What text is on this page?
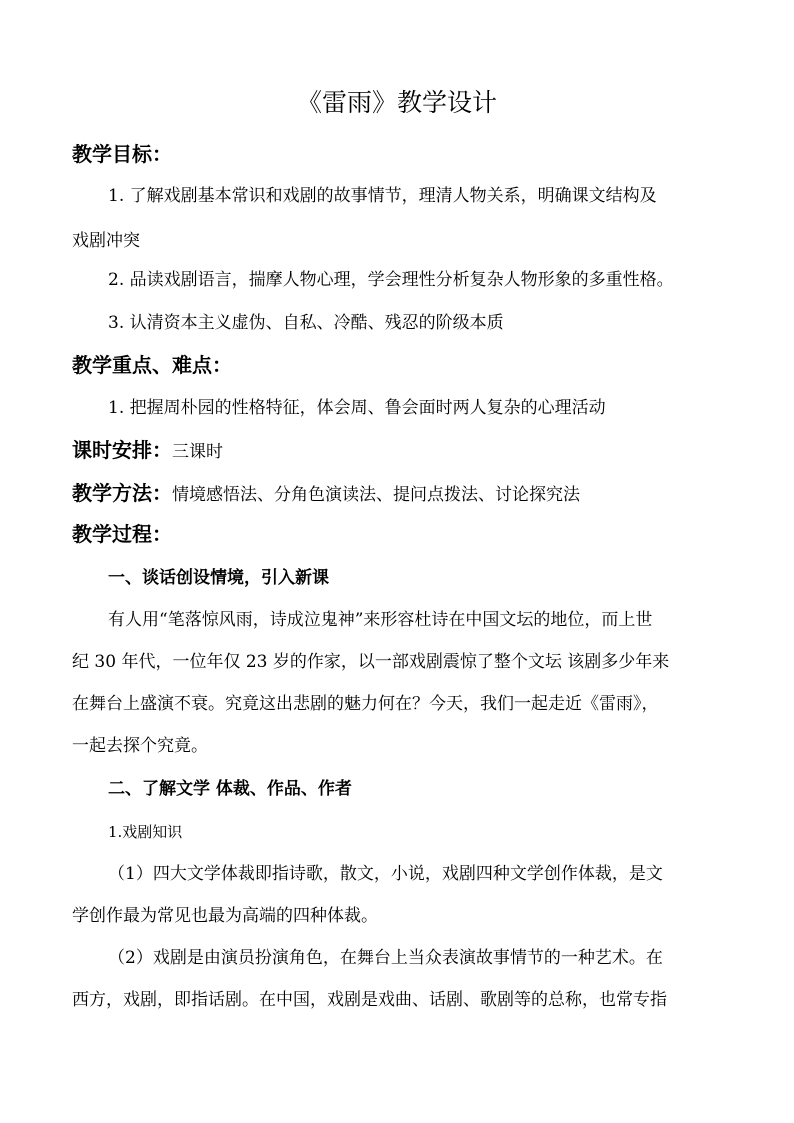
《雷雨》教学设计
教学目标：
1. 了解戏剧基本常识和戏剧的故事情节，理清人物关系，明确课文结构及
戏剧冲突
2. 品读戏剧语言，揣摩人物心理，学会理性分析复杂人物形象的多重性格。
3. 认清资本主义虚伪、自私、冷酷、残忍的阶级本质
教学重点、难点：
1. 把握周朴园的性格特征，体会周、鲁会面时两人复杂的心理活动
课时安排：三课时
教学方法：情境感悟法、分角色演读法、提问点拨法、讨论探究法
教学过程：
一、谈话创设情境，引入新课
有人用“笔落惊风雨，诗成泣鬼神”来形容杜诗在中国文坛的地位，而上世
纪 30 年代，一位年仅 23 岁的作家，以一部戏剧震惊了整个文坛 该剧多少年来
在舞台上盛演不衰。究竟这出悲剧的魅力何在？今天，我们一起走近《雷雨》，
一起去探个究竟。
二、了解文学 体裁、作品、作者
1.戏剧知识
（1）四大文学体裁即指诗歌，散文，小说，戏剧四种文学创作体裁，是文
学创作最为常见也最为高端的四种体裁。
（2）戏剧是由演员扮演角色，在舞台上当众表演故事情节的一种艺术。在
西方，戏剧，即指话剧。在中国，戏剧是戏曲、话剧、歌剧等的总称，也常专指
